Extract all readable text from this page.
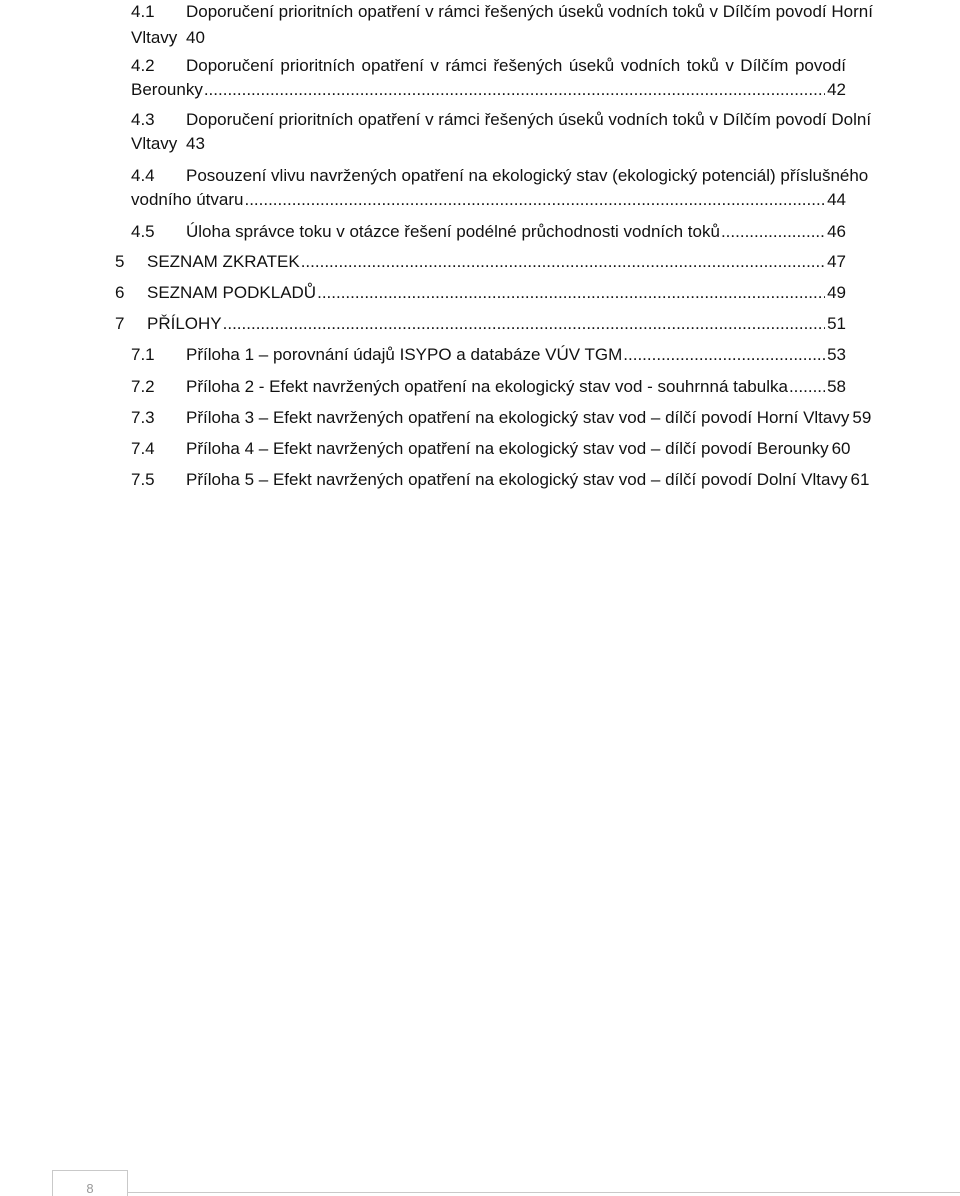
4.1 Doporučení prioritních opatření v rámci řešených úseků vodních toků v Dílčím povodí Horní
Vltavy 40
4.2 Doporučení prioritních opatření v rámci řešených úseků vodních toků v Dílčím povodí
Berounky .....	42
4.3 Doporučení prioritních opatření v rámci řešených úseků vodních toků v Dílčím povodí Dolní
Vltavy 43
4.4 Posouzení vlivu navržených opatření na ekologický stav (ekologický potenciál) příslušného
vodního útvaru .....	44
4.5 Úloha správce toku v otázce řešení podélné průchodnosti vodních toků .....	46
5 SEZNAM ZKRATEK .....	47
6 SEZNAM PODKLADŮ .....	49
7 PŘÍLOHY .....	51
7.1 Příloha 1 – porovnání údajů ISYPO a databáze VÚV TGM .....	53
7.2 Příloha 2 - Efekt navržených opatření na ekologický stav vod - souhrnná tabulka ..... 58
7.3 Příloha 3 – Efekt navržených opatření na ekologický stav vod – dílčí povodí Horní Vltavy 59
7.4 Příloha 4 – Efekt navržených opatření na ekologický stav vod – dílčí povodí Berounky 60
7.5 Příloha 5 – Efekt navržených opatření na ekologický stav vod – dílčí povodí Dolní Vltavy 61
8
